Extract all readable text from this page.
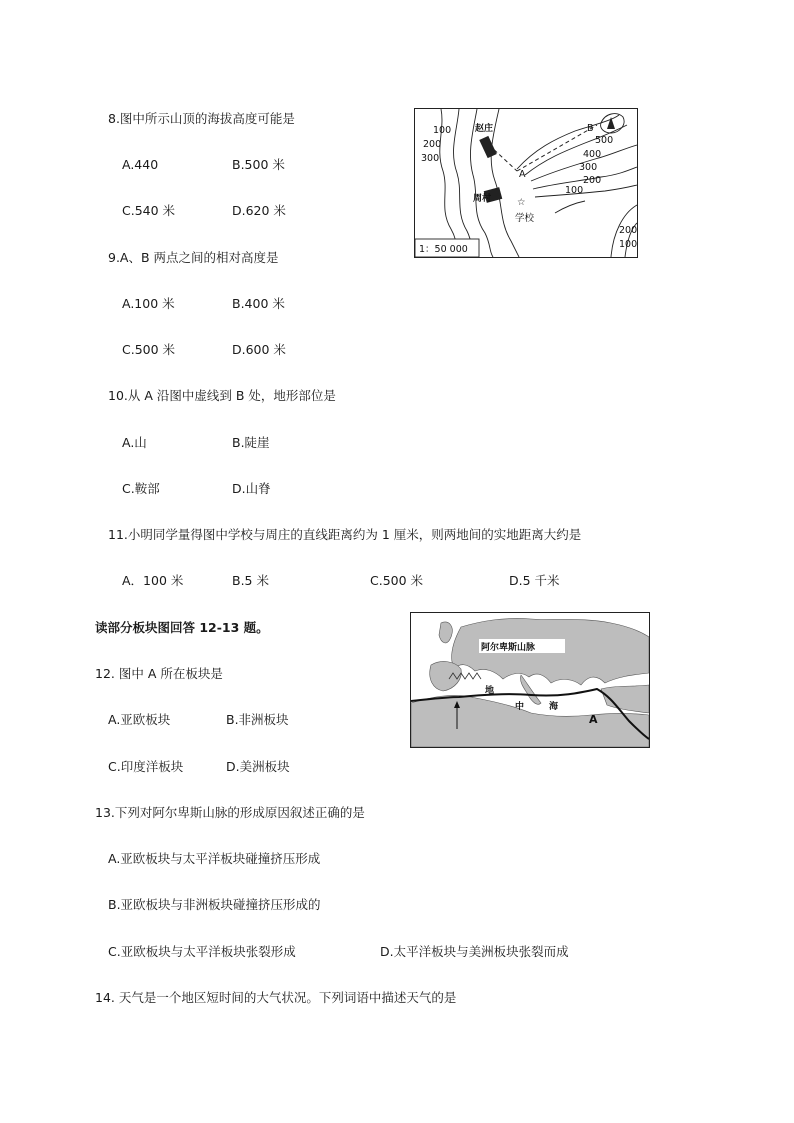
8.图中所示山顶的海拔高度可能是
A.440	B.500 米
C.540 米	D.620 米
9.A、B 两点之间的相对高度是
A.100 米	B.400 米
C.500 米	D.600 米
10.从 A 沿图中虚线到 B 处，地形部位是
A.山	B.陡崖
C.鞍部	D.山脊
11.小明同学量得图中学校与周庄的直线距离约为 1 厘米，则两地间的实地距离大约是
A．100 米	B.5 米	C.500 米	D.5 千米
读部分板块图回答 12-13 题。
12. 图中 A 所在板块是
A.亚欧板块	B.非洲板块
C.印度洋板块	D.美洲板块
13.下列对阿尔卑斯山脉的形成原因叙述正确的是
A.亚欧板块与太平洋板块碰撞挤压形成
B.亚欧板块与非洲板块碰撞挤压形成的
C.亚欧板块与太平洋板块张裂形成	D.太平洋板块与美洲板块张裂而成
14. 天气是一个地区短时间的大气状况。下列词语中描述天气的是
☆
赵庄
周村
学校
A
B
100
200
300
500
400
300
200
100
200
100
1：50 000
阿尔卑斯山脉
地
中	海
A
